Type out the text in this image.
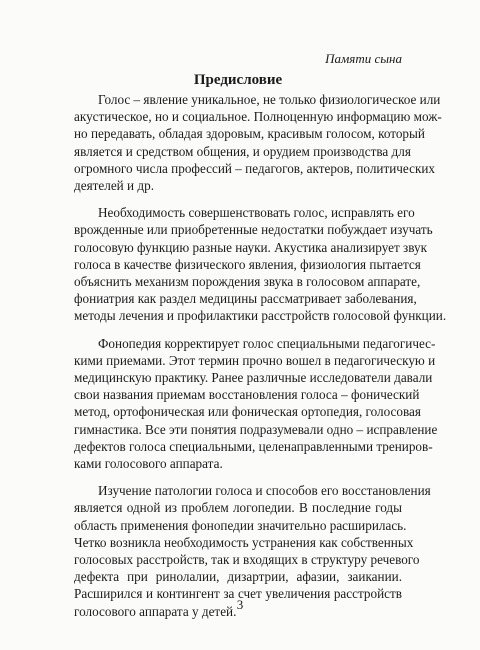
Памяти сына
Предисловие

Голос – явление уникальное, не только физиологическое или
акустическое, но и социальное. Полноценную информацию мож-
но передавать, обладая здоровым, красивым голосом, который
является и средством общения, и орудием производства для
огромного числа профессий – педагогов, актеров, политических
деятелей и др.

Необходимость совершенствовать голос, исправлять его
врожденные или приобретенные недостатки побуждает изучать
голосовую функцию разные науки. Акустика анализирует звук
голоса в качестве физического явления, физиология пытается
объяснить механизм порождения звука в голосовом аппарате,
фониатрия как раздел медицины рассматривает заболевания,
методы лечения и профилактики расстройств голосовой функции.

Фонопедия корректирует голос специальными педагогичес-
кими приемами. Этот термин прочно вошел в педагогическую и
медицинскую практику. Ранее различные исследователи давали
свои названия приемам восстановления голоса – фонический
метод, ортофоническая или фоническая ортопедия, голосовая
гимнастика. Все эти понятия подразумевали одно – исправление
дефектов голоса специальными, целенаправленными трениров-
ками голосового аппарата.

Изучение патологии голоса и способов его восстановления
является одной из проблем логопедии. В последние годы
область применения фонопедии значительно расширилась.
Четко возникла необходимость устранения как собственных
голосовых расстройств, так и входящих в структуру речевого
дефекта при ринолалии, дизартрии, афазии, заикании.
Расширился и контингент за счет увеличения расстройств
голосового аппарата у детей. 3
